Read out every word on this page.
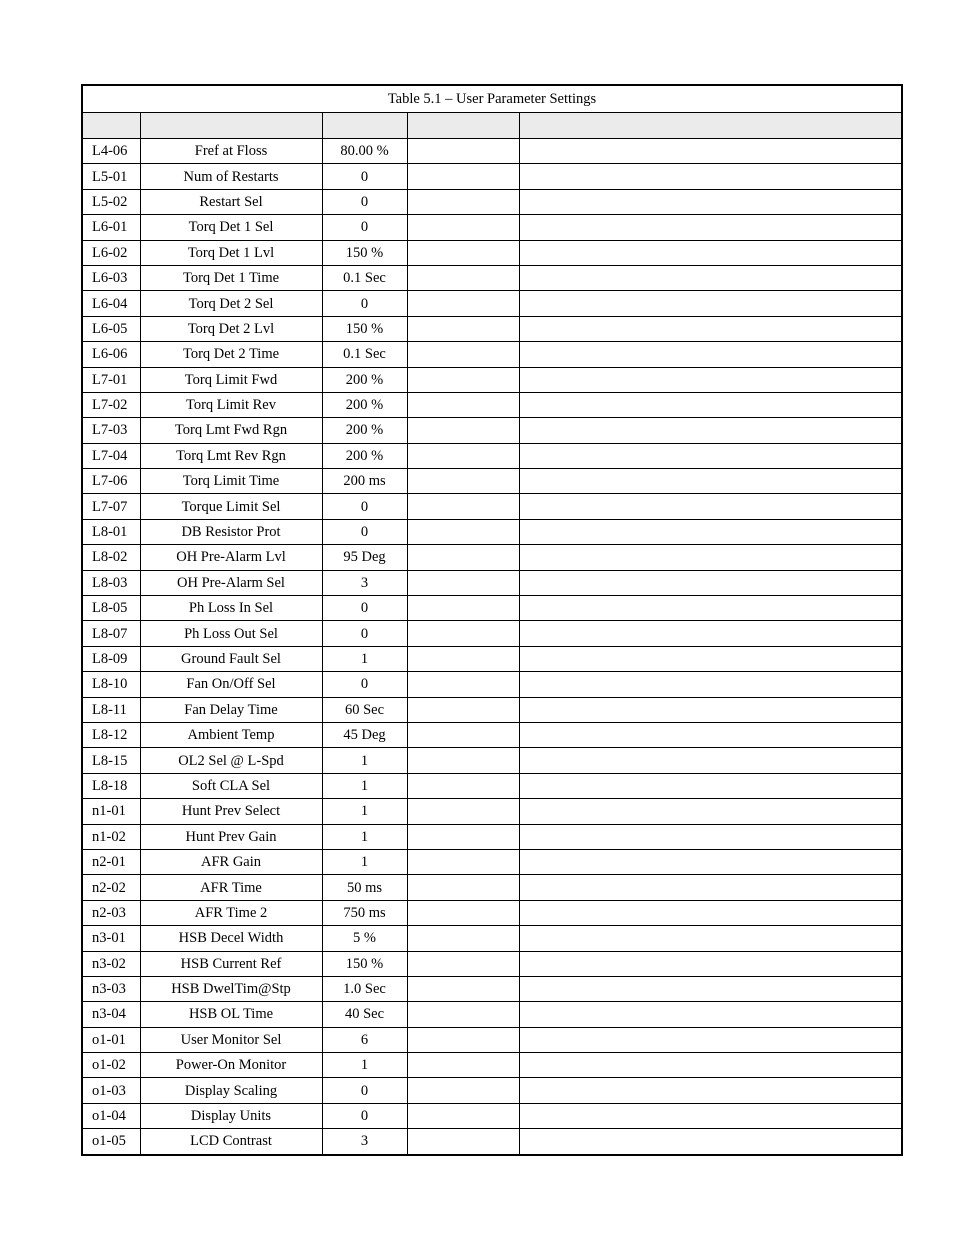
Table 5.1 – User Parameter Settings				

L4-06	Fref at Floss	80.00 %		
L5-01	Num of Restarts	0		
L5-02	Restart Sel	0		
L6-01	Torq Det 1 Sel	0		
L6-02	Torq Det 1 Lvl	150 %		
L6-03	Torq Det 1 Time	0.1 Sec		
L6-04	Torq Det 2 Sel	0		
L6-05	Torq Det 2 Lvl	150 %		
L6-06	Torq Det 2 Time	0.1 Sec		
L7-01	Torq Limit Fwd	200 %		
L7-02	Torq Limit Rev	200 %		
L7-03	Torq Lmt Fwd Rgn	200 %		
L7-04	Torq Lmt Rev Rgn	200 %		
L7-06	Torq Limit Time	200 ms		
L7-07	Torque Limit Sel	0		
L8-01	DB Resistor Prot	0		
L8-02	OH Pre-Alarm Lvl	95 Deg		
L8-03	OH Pre-Alarm Sel	3		
L8-05	Ph Loss In Sel	0		
L8-07	Ph Loss Out Sel	0		
L8-09	Ground Fault Sel	1		
L8-10	Fan On/Off Sel	0		
L8-11	Fan Delay Time	60 Sec		
L8-12	Ambient Temp	45 Deg		
L8-15	OL2 Sel @ L-Spd	1		
L8-18	Soft CLA Sel	1		
n1-01	Hunt Prev Select	1		
n1-02	Hunt Prev Gain	1		
n2-01	AFR Gain	1		
n2-02	AFR Time	50 ms		
n2-03	AFR Time 2	750 ms		
n3-01	HSB Decel Width	5 %		
n3-02	HSB Current Ref	150 %		
n3-03	HSB DwelTim@Stp	1.0 Sec		
n3-04	HSB OL Time	40 Sec		
o1-01	User Monitor Sel	6		
o1-02	Power-On Monitor	1		
o1-03	Display Scaling	0		
o1-04	Display Units	0		
o1-05	LCD Contrast	3		
